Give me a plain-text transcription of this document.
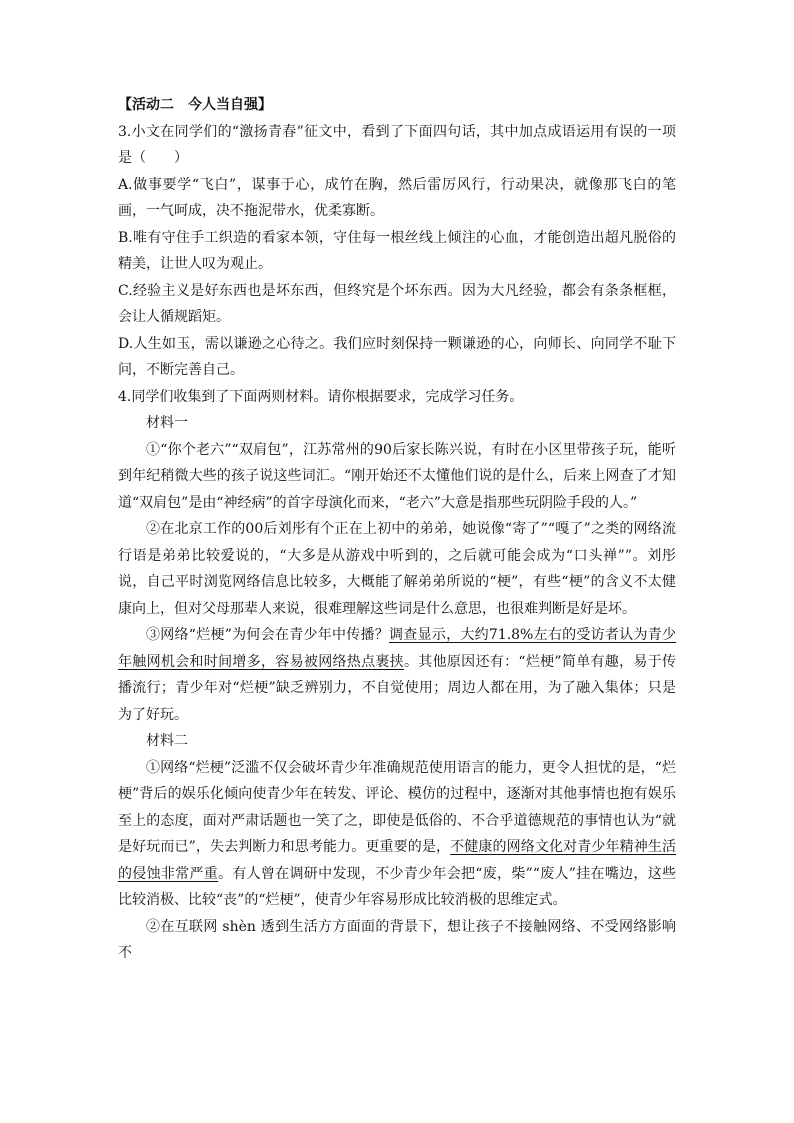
【活动二　今人当自强】

3.小文在同学们的“激扬青春”征文中，看到了下面四句话，其中加点成语运用有误的一项是（　　）

A.做事要学“飞白”，谋事于心，成竹在胸，然后雷厉风行，行动果决，就像那飞白的笔画，一气呵成，决不拖泥带水，优柔寡断。

B.唯有守住手工织造的看家本领，守住每一根丝线上倾注的心血，才能创造出超凡脱俗的精美，让世人叹为观止。

C.经验主义是好东西也是坏东西，但终究是个坏东西。因为大凡经验，都会有条条框框，会让人循规蹈矩。

D.人生如玉，需以谦逊之心待之。我们应时刻保持一颗谦逊的心，向师长、向同学不耻下问，不断完善自己。

4.同学们收集到了下面两则材料。请你根据要求，完成学习任务。

材料一

①“你个老六”“双肩包”，江苏常州的90后家长陈兴说，有时在小区里带孩子玩，能听到年纪稍微大些的孩子说这些词汇。“刚开始还不太懂他们说的是什么，后来上网查了才知道“双肩包”是由“神经病”的首字母演化而来，“老六”大意是指那些玩阴险手段的人。”

②在北京工作的00后刘彤有个正在上初中的弟弟，她说像“寄了”“嘎了”之类的网络流行语是弟弟比较爱说的，“大多是从游戏中听到的，之后就可能会成为“口头禅””。刘彤说，自己平时浏览网络信息比较多，大概能了解弟弟所说的“梗”，有些“梗”的含义不太健康向上，但对父母那辈人来说，很难理解这些词是什么意思，也很难判断是好是坏。

③网络“烂梗”为何会在青少年中传播？调查显示，大约71.8%左右的受访者认为青少年触网机会和时间增多，容易被网络热点裹挟。其他原因还有：“烂梗”简单有趣，易于传播流行；青少年对“烂梗”缺乏辨别力，不自觉使用；周边人都在用，为了融入集体；只是为了好玩。

材料二

①网络“烂梗”泛滥不仅会破坏青少年准确规范使用语言的能力，更令人担忧的是，“烂梗”背后的娱乐化倾向使青少年在转发、评论、模仿的过程中，逐渐对其他事情也抱有娱乐至上的态度，面对严肃话题也一笑了之，即使是低俗的、不合乎道德规范的事情也认为“就是好玩而已”，失去判断力和思考能力。更重要的是，不健康的网络文化对青少年精神生活的侵蚀非常严重。有人曾在调研中发现，不少青少年会把“废，柴”“废人”挂在嘴边，这些比较消极、比较“丧”的“烂梗”，使青少年容易形成比较消极的思维定式。

②在互联网 shèn 透到生活方方面面的背景下，想让孩子不接触网络、不受网络影响不
